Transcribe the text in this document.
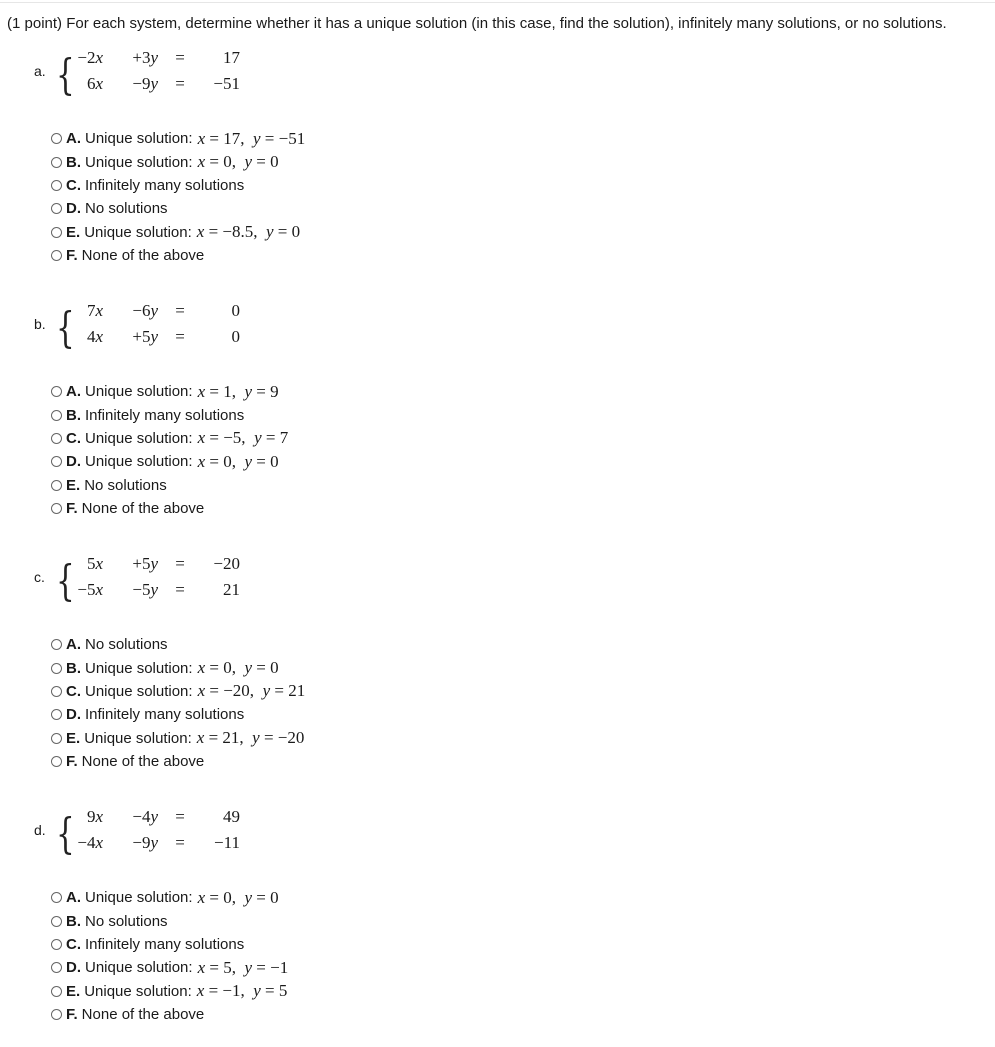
(1 point) For each system, determine whether it has a unique solution (in this case, find the solution), infinitely many solutions, or no solutions.
a. { −2x	+3y	=	17
6x	−9y	=	−51
A. Unique solution: x = 17,  y = −51
B. Unique solution: x = 0,  y = 0
C. Infinitely many solutions
D. No solutions
E. Unique solution: x = −8.5,  y = 0
F. None of the above
b. { 7x	−6y	=	0
4x	+5y	=	0
A. Unique solution: x = 1,  y = 9
B. Infinitely many solutions
C. Unique solution: x = −5,  y = 7
D. Unique solution: x = 0,  y = 0
E. No solutions
F. None of the above
c. { 5x	+5y	=	−20
−5x	−5y	=	21
A. No solutions
B. Unique solution: x = 0,  y = 0
C. Unique solution: x = −20,  y = 21
D. Infinitely many solutions
E. Unique solution: x = 21,  y = −20
F. None of the above
d. { 9x	−4y	=	49
−4x	−9y	=	−11
A. Unique solution: x = 0,  y = 0
B. No solutions
C. Infinitely many solutions
D. Unique solution: x = 5,  y = −1
E. Unique solution: x = −1,  y = 5
F. None of the above
